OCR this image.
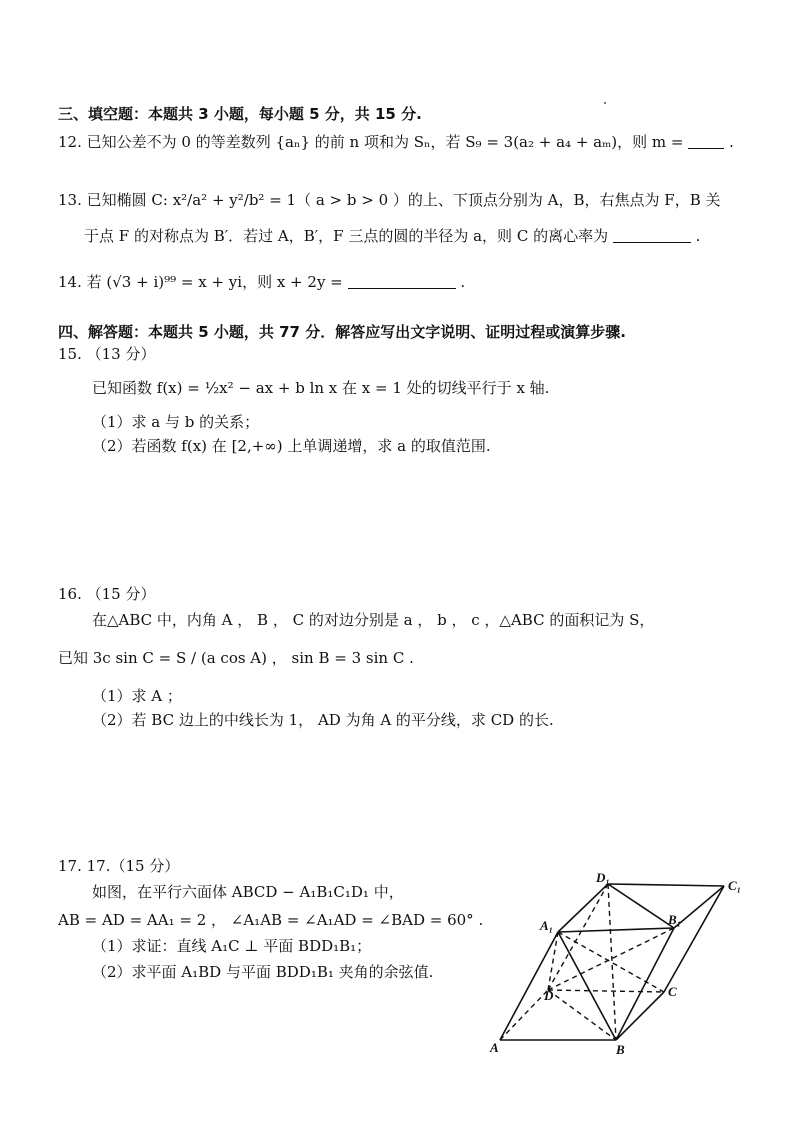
三、填空题：本题共 3 小题，每小题 5 分，共 15 分.
12. 已知公差不为 0 的等差数列 {aₙ} 的前 n 项和为 Sₙ，若 S₉ = 3(a₂ + a₄ + aₘ)，则 m =	.
13. 已知椭圆 C: x²/a² + y²/b² = 1（ a > b > 0 ）的上、下顶点分别为 A，B，右焦点为 F，B 关
于点 F 的对称点为 B′．若过 A，B′，F 三点的圆的半径为 a，则 C 的离心率为	.
14. 若 (√3 + i)⁹⁹ = x + yi，则 x + 2y =	.
四、解答题：本题共 5 小题，共 77 分．解答应写出文字说明、证明过程或演算步骤.
15. （13 分）
已知函数 f(x) = ½x² − ax + b ln x 在 x = 1 处的切线平行于 x 轴.
（1）求 a 与 b 的关系；
（2）若函数 f(x) 在 [2,+∞) 上单调递增，求 a 的取值范围.
16. （15 分）
在△ABC 中，内角 A ， B ， C 的对边分别是 a ， b ， c ，△ABC 的面积记为 S，
已知 3c sin C = S / (a cos A) ， sin B = 3 sin C .
（1）求 A ；
（2）若 BC 边上的中线长为 1， AD 为角 A 的平分线，求 CD 的长.
17. 17.（15 分）
如图，在平行六面体 ABCD − A₁B₁C₁D₁ 中，
AB = AD = AA₁ = 2 ， ∠A₁AB = ∠A₁AD = ∠BAD = 60° .
（1）求证：直线 A₁C ⊥ 平面 BDD₁B₁；
（2）求平面 A₁BD 与平面 BDD₁B₁ 夹角的余弦值.
A	B
C
D
A₁	B₁
C₁
D₁
